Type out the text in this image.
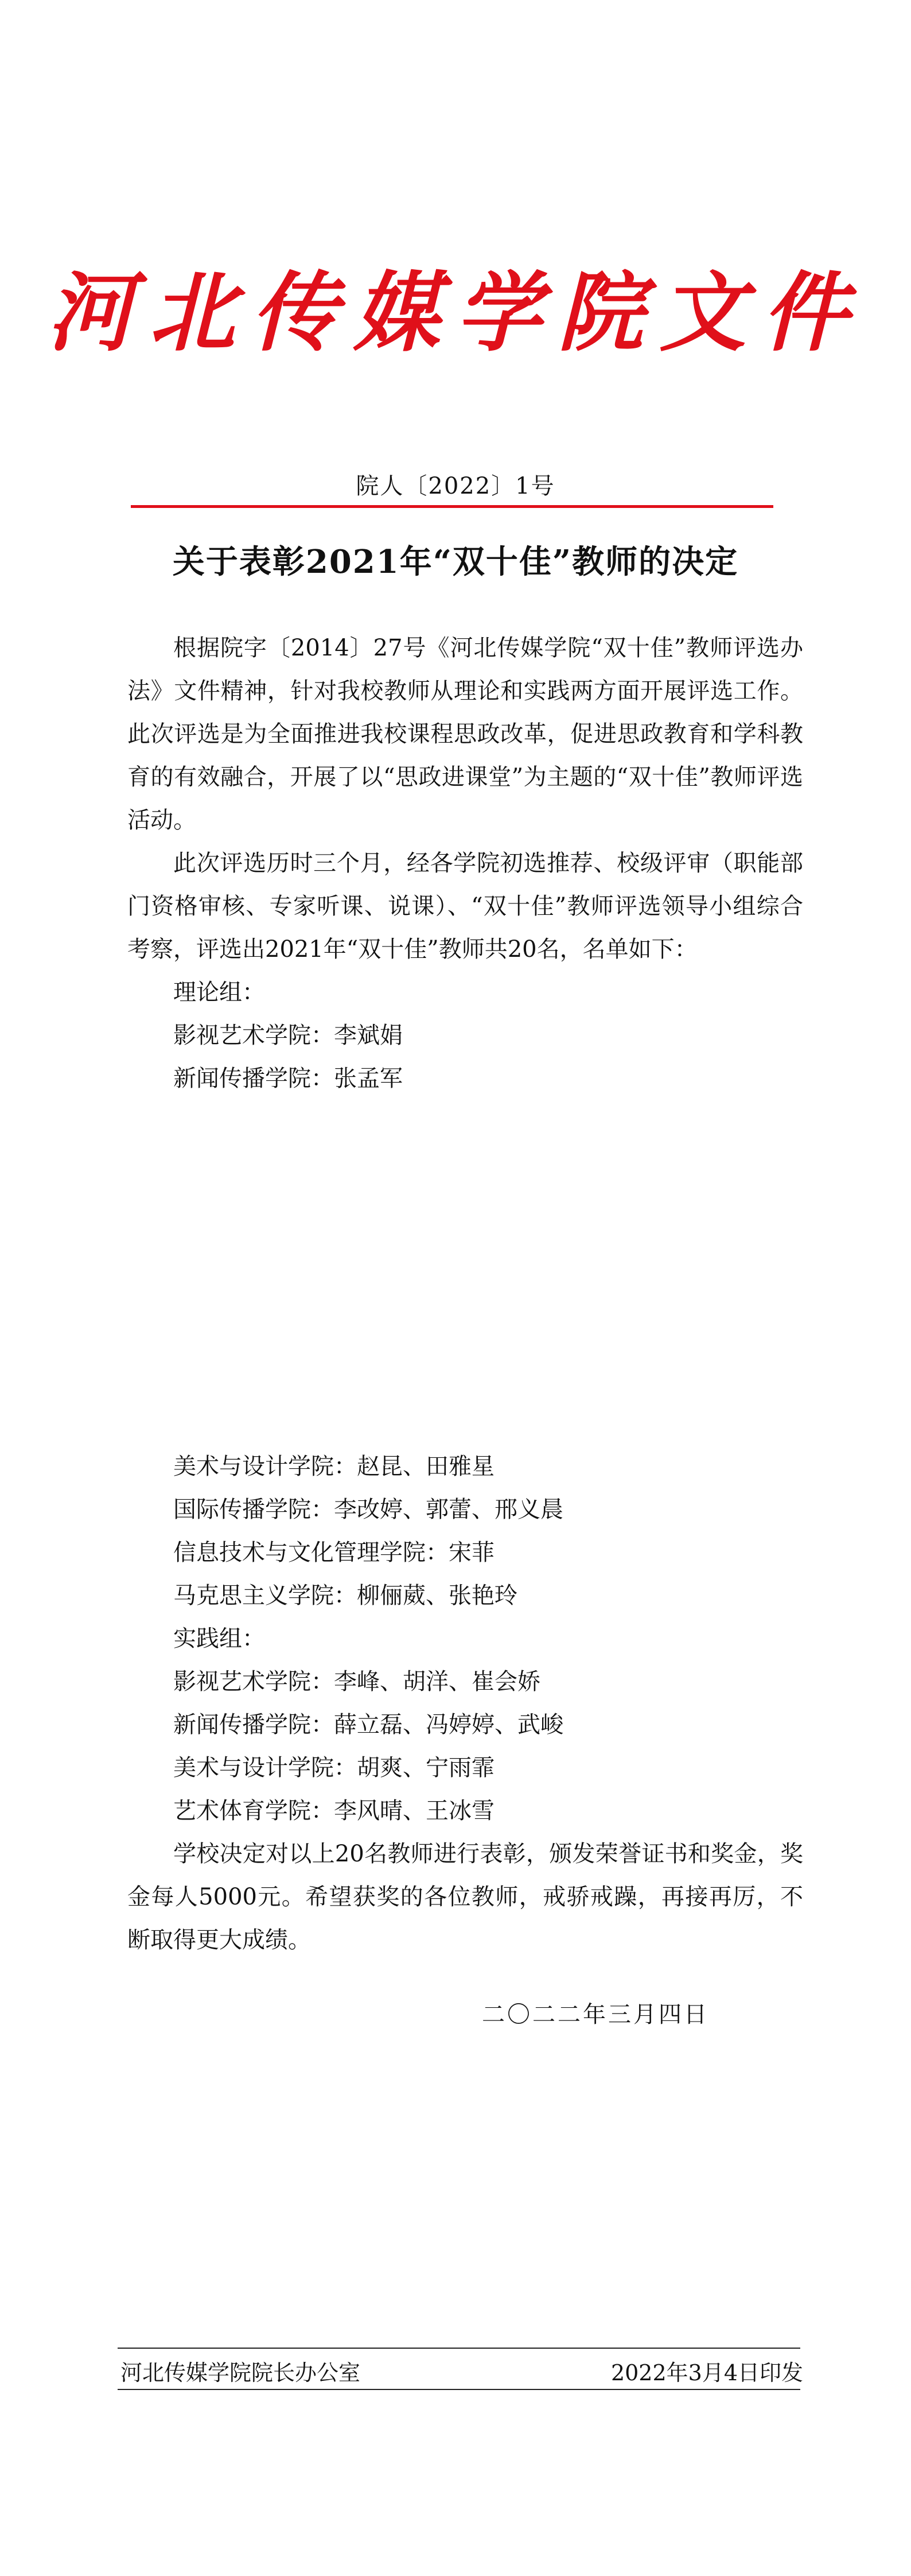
河北传媒学院文件
院人〔2022〕1号
关于表彰2021年“双十佳”教师的决定

根据院字〔2014〕27号《河北传媒学院“双十佳”教师评选办法》文件精神，针对我校教师从理论和实践两方面开展评选工作。此次评选是为全面推进我校课程思政改革，促进思政教育和学科教育的有效融合，开展了以“思政进课堂”为主题的“双十佳”教师评选活动。

此次评选历时三个月，经各学院初选推荐、校级评审（职能部门资格审核、专家听课、说课）、“双十佳”教师评选领导小组综合考察，评选出2021年“双十佳”教师共20名，名单如下：

理论组：
影视艺术学院：李斌娟
新闻传播学院：张孟军
美术与设计学院：赵昆、田雅星
国际传播学院：李改婷、郭蕾、邢义晨
信息技术与文化管理学院：宋菲
马克思主义学院：柳俪葳、张艳玲
实践组：
影视艺术学院：李峰、胡洋、崔会娇
新闻传播学院：薛立磊、冯婷婷、武峻
美术与设计学院：胡爽、宁雨霏
艺术体育学院：李风晴、王冰雪

学校决定对以上20名教师进行表彰，颁发荣誉证书和奖金，奖金每人5000元。希望获奖的各位教师，戒骄戒躁，再接再厉，不断取得更大成绩。

二〇二二年三月四日
河北传媒学院院长办公室	2022年3月4日印发
